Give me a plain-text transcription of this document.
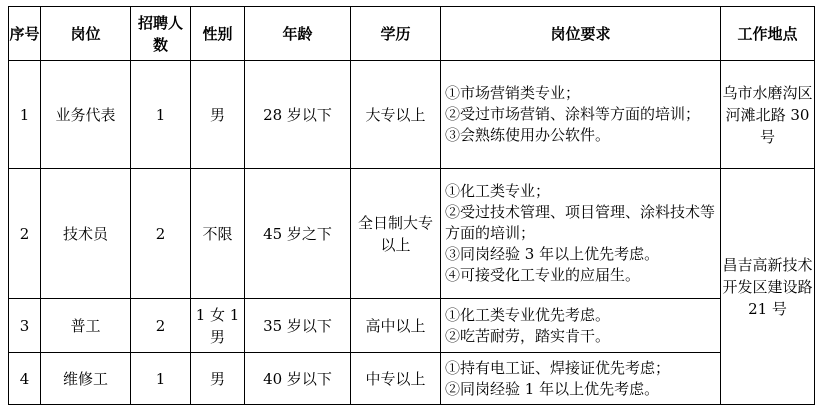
序号	岗位	招聘人数	性别	年龄	学历	岗位要求	工作地点
1	业务代表	1	男	28 岁以下	大专以上	①市场营销类专业；
②受过市场营销、涂料等方面的培训；
③会熟练使用办公软件。	乌市水磨沟区河滩北路 30 号
2	技术员	2	不限	45 岁之下	全日制大专以上	①化工类专业；
②受过技术管理、项目管理、涂料技术等方面的培训；
③同岗经验 3 年以上优先考虑。
④可接受化工专业的应届生。	昌吉高新技术开发区建设路 21 号
3	普工	2	1 女 1 男	35 岁以下	高中以上	①化工类专业优先考虑。
②吃苦耐劳，踏实肯干。	

4	维修工	1	男	40 岁以下	中专以上	①持有电工证、焊接证优先考虑；
②同岗经验 1 年以上优先考虑。	
